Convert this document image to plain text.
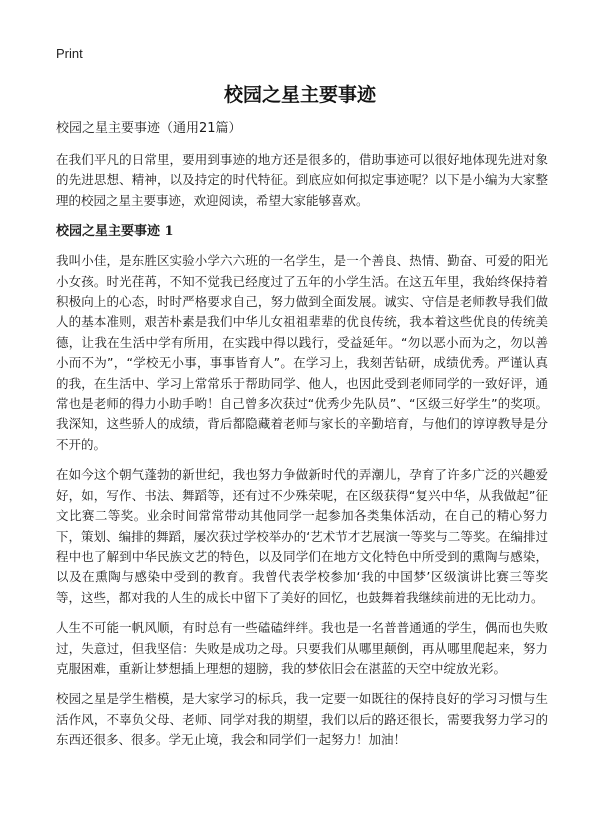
Print
校园之星主要事迹

校园之星主要事迹（通用21篇）

在我们平凡的日常里，要用到事迹的地方还是很多的，借助事迹可以很好地体现先进对象的先进思想、精神，以及持定的时代特征。到底应如何拟定事迹呢？以下是小编为大家整理的校园之星主要事迹，欢迎阅读，希望大家能够喜欢。

校园之星主要事迹 1

我叫小佳，是东胜区实验小学六六班的一名学生，是一个善良、热情、勤奋、可爱的阳光小女孩。时光荏苒，不知不觉我已经度过了五年的小学生活。在这五年里，我始终保持着积极向上的心态，时时严格要求自己，努力做到全面发展。诚实、守信是老师教导我们做人的基本准则，艰苦朴素是我们中华儿女祖祖辈辈的优良传统，我本着这些优良的传统美德，让我在生活中学有所用，在实践中得以践行，受益延年。“勿以恶小而为之，勿以善小而不为”，“学校无小事，事事皆育人”。在学习上，我刻苦钻研，成绩优秀。严谨认真的我，在生活中、学习上常常乐于帮助同学、他人，也因此受到老师同学的一致好评，通常也是老师的得力小助手哟！自己曾多次获过“优秀少先队员”、“区级三好学生”的奖项。我深知，这些骄人的成绩，背后都隐藏着老师与家长的辛勤培育，与他们的谆谆教导是分不开的。

在如今这个朝气蓬勃的新世纪，我也努力争做新时代的弄潮儿，孕育了许多广泛的兴趣爱好，如，写作、书法、舞蹈等，还有过不少殊荣呢，在区级获得“复兴中华，从我做起”征文比赛二等奖。业余时间常常带动其他同学一起参加各类集体活动，在自己的精心努力下，策划、编排的舞蹈，屡次获过学校举办的‘艺术节才艺展演一等奖与二等奖。在编排过程中也了解到中华民族文艺的特色，以及同学们在地方文化特色中所受到的熏陶与感染，以及在熏陶与感染中受到的教育。我曾代表学校参加‘我的中国梦’区级演讲比赛三等奖等，这些，都对我的人生的成长中留下了美好的回忆，也鼓舞着我继续前进的无比动力。

人生不可能一帆风顺，有时总有一些磕磕绊绊。我也是一名普普通通的学生，偶而也失败过，失意过，但我坚信：失败是成功之母。只要我们从哪里颠倒，再从哪里爬起来，努力克服困难，重新让梦想插上理想的翅膀，我的梦依旧会在湛蓝的天空中绽放光彩。

校园之星是学生楷模，是大家学习的标兵，我一定要一如既往的保持良好的学习习惯与生活作风，不辜负父母、老师、同学对我的期望，我们以后的路还很长，需要我努力学习的东西还很多、很多。学无止境，我会和同学们一起努力！加油！
